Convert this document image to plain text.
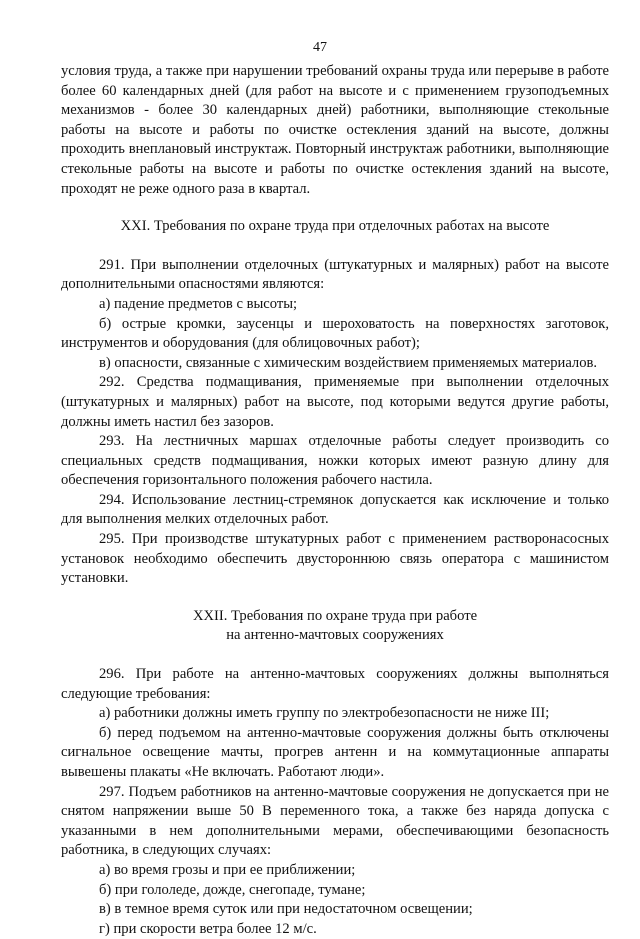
47

условия труда, а также при нарушении требований охраны труда или перерыве в работе более 60 календарных дней (для работ на высоте и с применением грузоподъемных механизмов - более 30 календарных дней) работники, выполняющие стекольные работы на высоте и работы по очистке остекления зданий на высоте, должны проходить внеплановый инструктаж. Повторный инструктаж работники, выполняющие стекольные работы на высоте и работы по очистке остекления зданий на высоте, проходят не реже одного раза в квартал.

XXI. Требования по охране труда при отделочных работах на высоте

291. При выполнении отделочных (штукатурных и малярных) работ на высоте дополнительными опасностями являются:

а) падение предметов с высоты;

б) острые кромки, заусенцы и шероховатость на поверхностях заготовок, инструментов и оборудования (для облицовочных работ);

в) опасности, связанные с химическим воздействием применяемых материалов.

292. Средства подмащивания, применяемые при выполнении отделочных (штукатурных и малярных) работ на высоте, под которыми ведутся другие работы, должны иметь настил без зазоров.

293. На лестничных маршах отделочные работы следует производить со специальных средств подмащивания, ножки которых имеют разную длину для обеспечения горизонтального положения рабочего настила.

294. Использование лестниц-стремянок допускается как исключение и только для выполнения мелких отделочных работ.

295. При производстве штукатурных работ с применением растворонасосных установок необходимо обеспечить двустороннюю связь оператора с машинистом установки.

XXII. Требования по охране труда при работе
на антенно-мачтовых сооружениях

296. При работе на антенно-мачтовых сооружениях должны выполняться следующие требования:

а) работники должны иметь группу по электробезопасности не ниже III;

б) перед подъемом на антенно-мачтовые сооружения должны быть отключены сигнальное освещение мачты, прогрев антенн и на коммутационные аппараты вывешены плакаты «Не включать. Работают люди».

297. Подъем работников на антенно-мачтовые сооружения не допускается при не снятом напряжении выше 50 В переменного тока, а также без наряда допуска с указанными в нем дополнительными мерами, обеспечивающими безопасность работника, в следующих случаях:

а) во время грозы и при ее приближении;

б) при гололеде, дожде, снегопаде, тумане;

в) в темное время суток или при недостаточном освещении;

г) при скорости ветра более 12 м/с.
